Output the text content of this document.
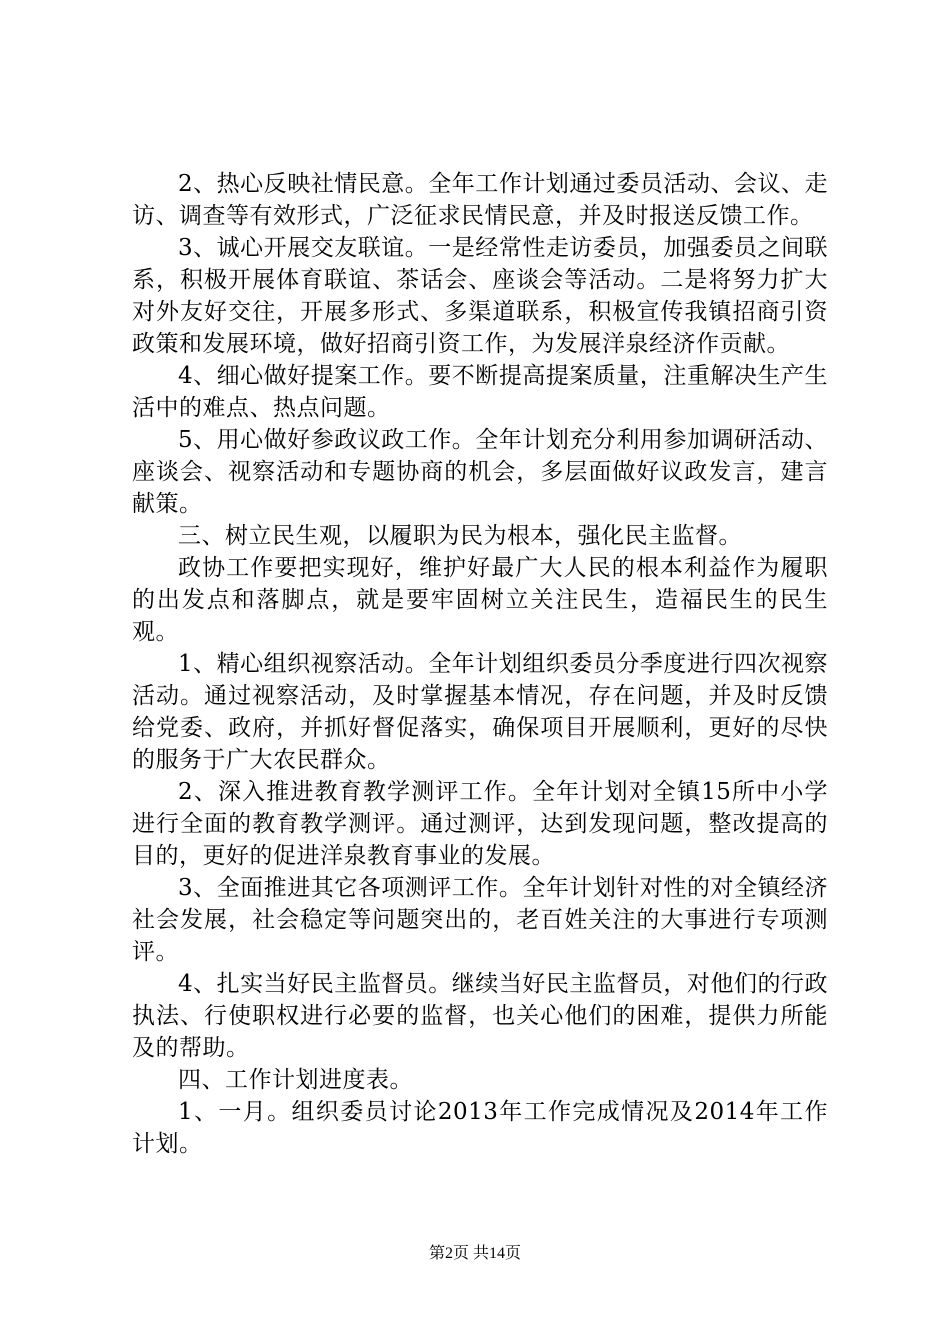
2、热心反映社情民意。全年工作计划通过委员活动、会议、走访、调查等有效形式，广泛征求民情民意，并及时报送反馈工作。

3、诚心开展交友联谊。一是经常性走访委员，加强委员之间联系，积极开展体育联谊、茶话会、座谈会等活动。二是将努力扩大对外友好交往，开展多形式、多渠道联系，积极宣传我镇招商引资政策和发展环境，做好招商引资工作，为发展洋泉经济作贡献。

4、细心做好提案工作。要不断提高提案质量，注重解决生产生活中的难点、热点问题。

5、用心做好参政议政工作。全年计划充分利用参加调研活动、座谈会、视察活动和专题协商的机会，多层面做好议政发言，建言献策。

三、树立民生观，以履职为民为根本，强化民主监督。

政协工作要把实现好，维护好最广大人民的根本利益作为履职的出发点和落脚点，就是要牢固树立关注民生，造福民生的民生观。

1、精心组织视察活动。全年计划组织委员分季度进行四次视察活动。通过视察活动，及时掌握基本情况，存在问题，并及时反馈给党委、政府，并抓好督促落实，确保项目开展顺利，更好的尽快的服务于广大农民群众。

2、深入推进教育教学测评工作。全年计划对全镇15所中小学进行全面的教育教学测评。通过测评，达到发现问题，整改提高的目的，更好的促进洋泉教育事业的发展。

3、全面推进其它各项测评工作。全年计划针对性的对全镇经济社会发展，社会稳定等问题突出的，老百姓关注的大事进行专项测评。

4、扎实当好民主监督员。继续当好民主监督员，对他们的行政执法、行使职权进行必要的监督，也关心他们的困难，提供力所能及的帮助。

四、工作计划进度表。

1、一月。组织委员讨论2013年工作完成情况及2014年工作计划。

第2页 共14页
